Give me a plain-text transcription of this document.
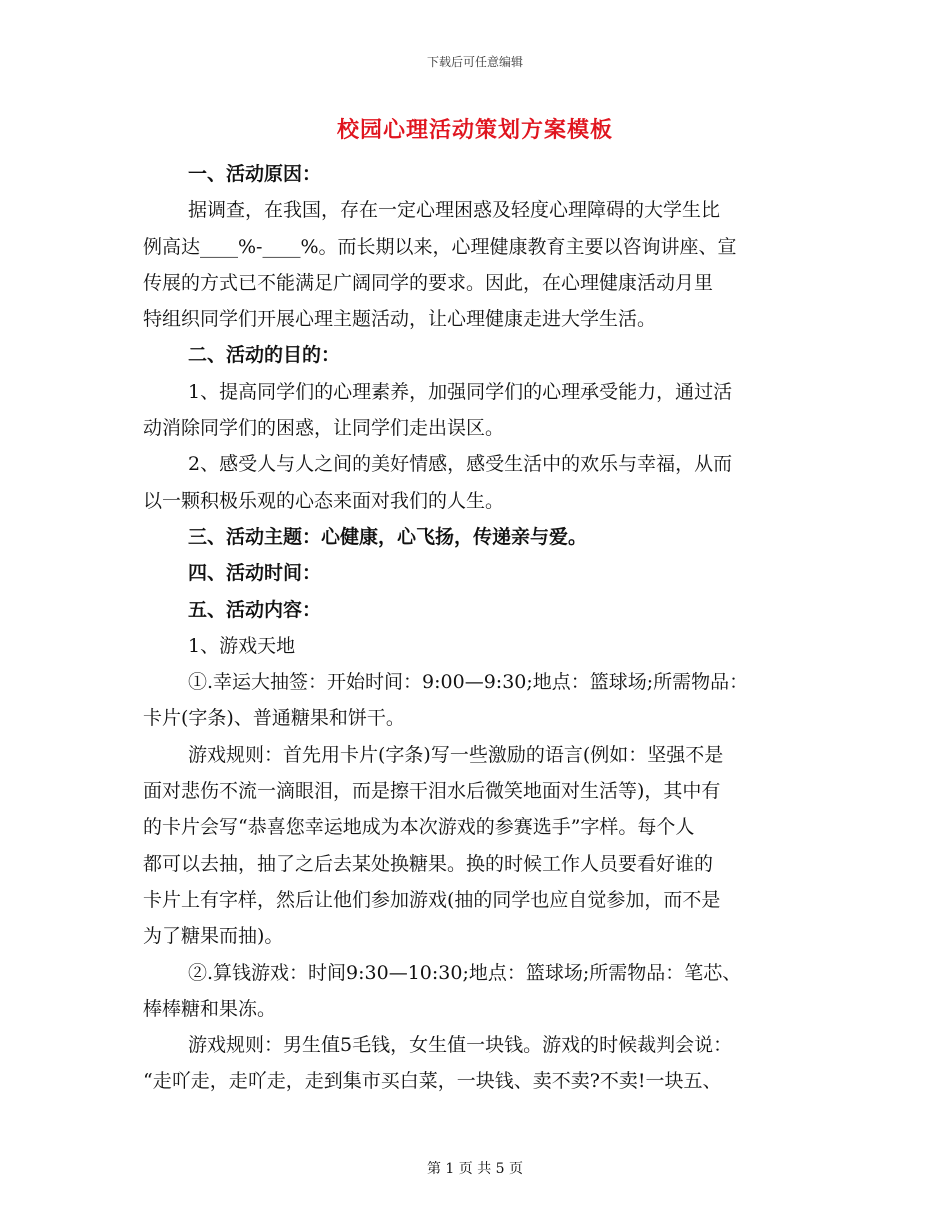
下载后可任意编辑
校园心理活动策划方案模板
一、活动原因：
据调查，在我国，存在一定心理困惑及轻度心理障碍的大学生比
例高达____%-____%。而长期以来，心理健康教育主要以咨询讲座、宣
传展的方式已不能满足广阔同学的要求。因此，在心理健康活动月里
特组织同学们开展心理主题活动，让心理健康走进大学生活。
二、活动的目的：
1、提高同学们的心理素养，加强同学们的心理承受能力，通过活
动消除同学们的困惑，让同学们走出误区。
2、感受人与人之间的美好情感，感受生活中的欢乐与幸福，从而
以一颗积极乐观的心态来面对我们的人生。
三、活动主题：心健康，心飞扬，传递亲与爱。
四、活动时间：
五、活动内容：
1、游戏天地
①.幸运大抽签：开始时间：9:00—9:30;地点：篮球场;所需物品：
卡片(字条)、普通糖果和饼干。
游戏规则：首先用卡片(字条)写一些激励的语言(例如：坚强不是
面对悲伤不流一滴眼泪，而是擦干泪水后微笑地面对生活等)，其中有
的卡片会写“恭喜您幸运地成为本次游戏的参赛选手”字样。每个人
都可以去抽，抽了之后去某处换糖果。换的时候工作人员要看好谁的
卡片上有字样，然后让他们参加游戏(抽的同学也应自觉参加，而不是
为了糖果而抽)。
②.算钱游戏：时间9:30—10:30;地点：篮球场;所需物品：笔芯、
棒棒糖和果冻。
游戏规则：男生值5毛钱，女生值一块钱。游戏的时候裁判会说：
“走吖走，走吖走，走到集市买白菜，一块钱、卖不卖?不卖!一块五、
第 1 页 共 5 页
